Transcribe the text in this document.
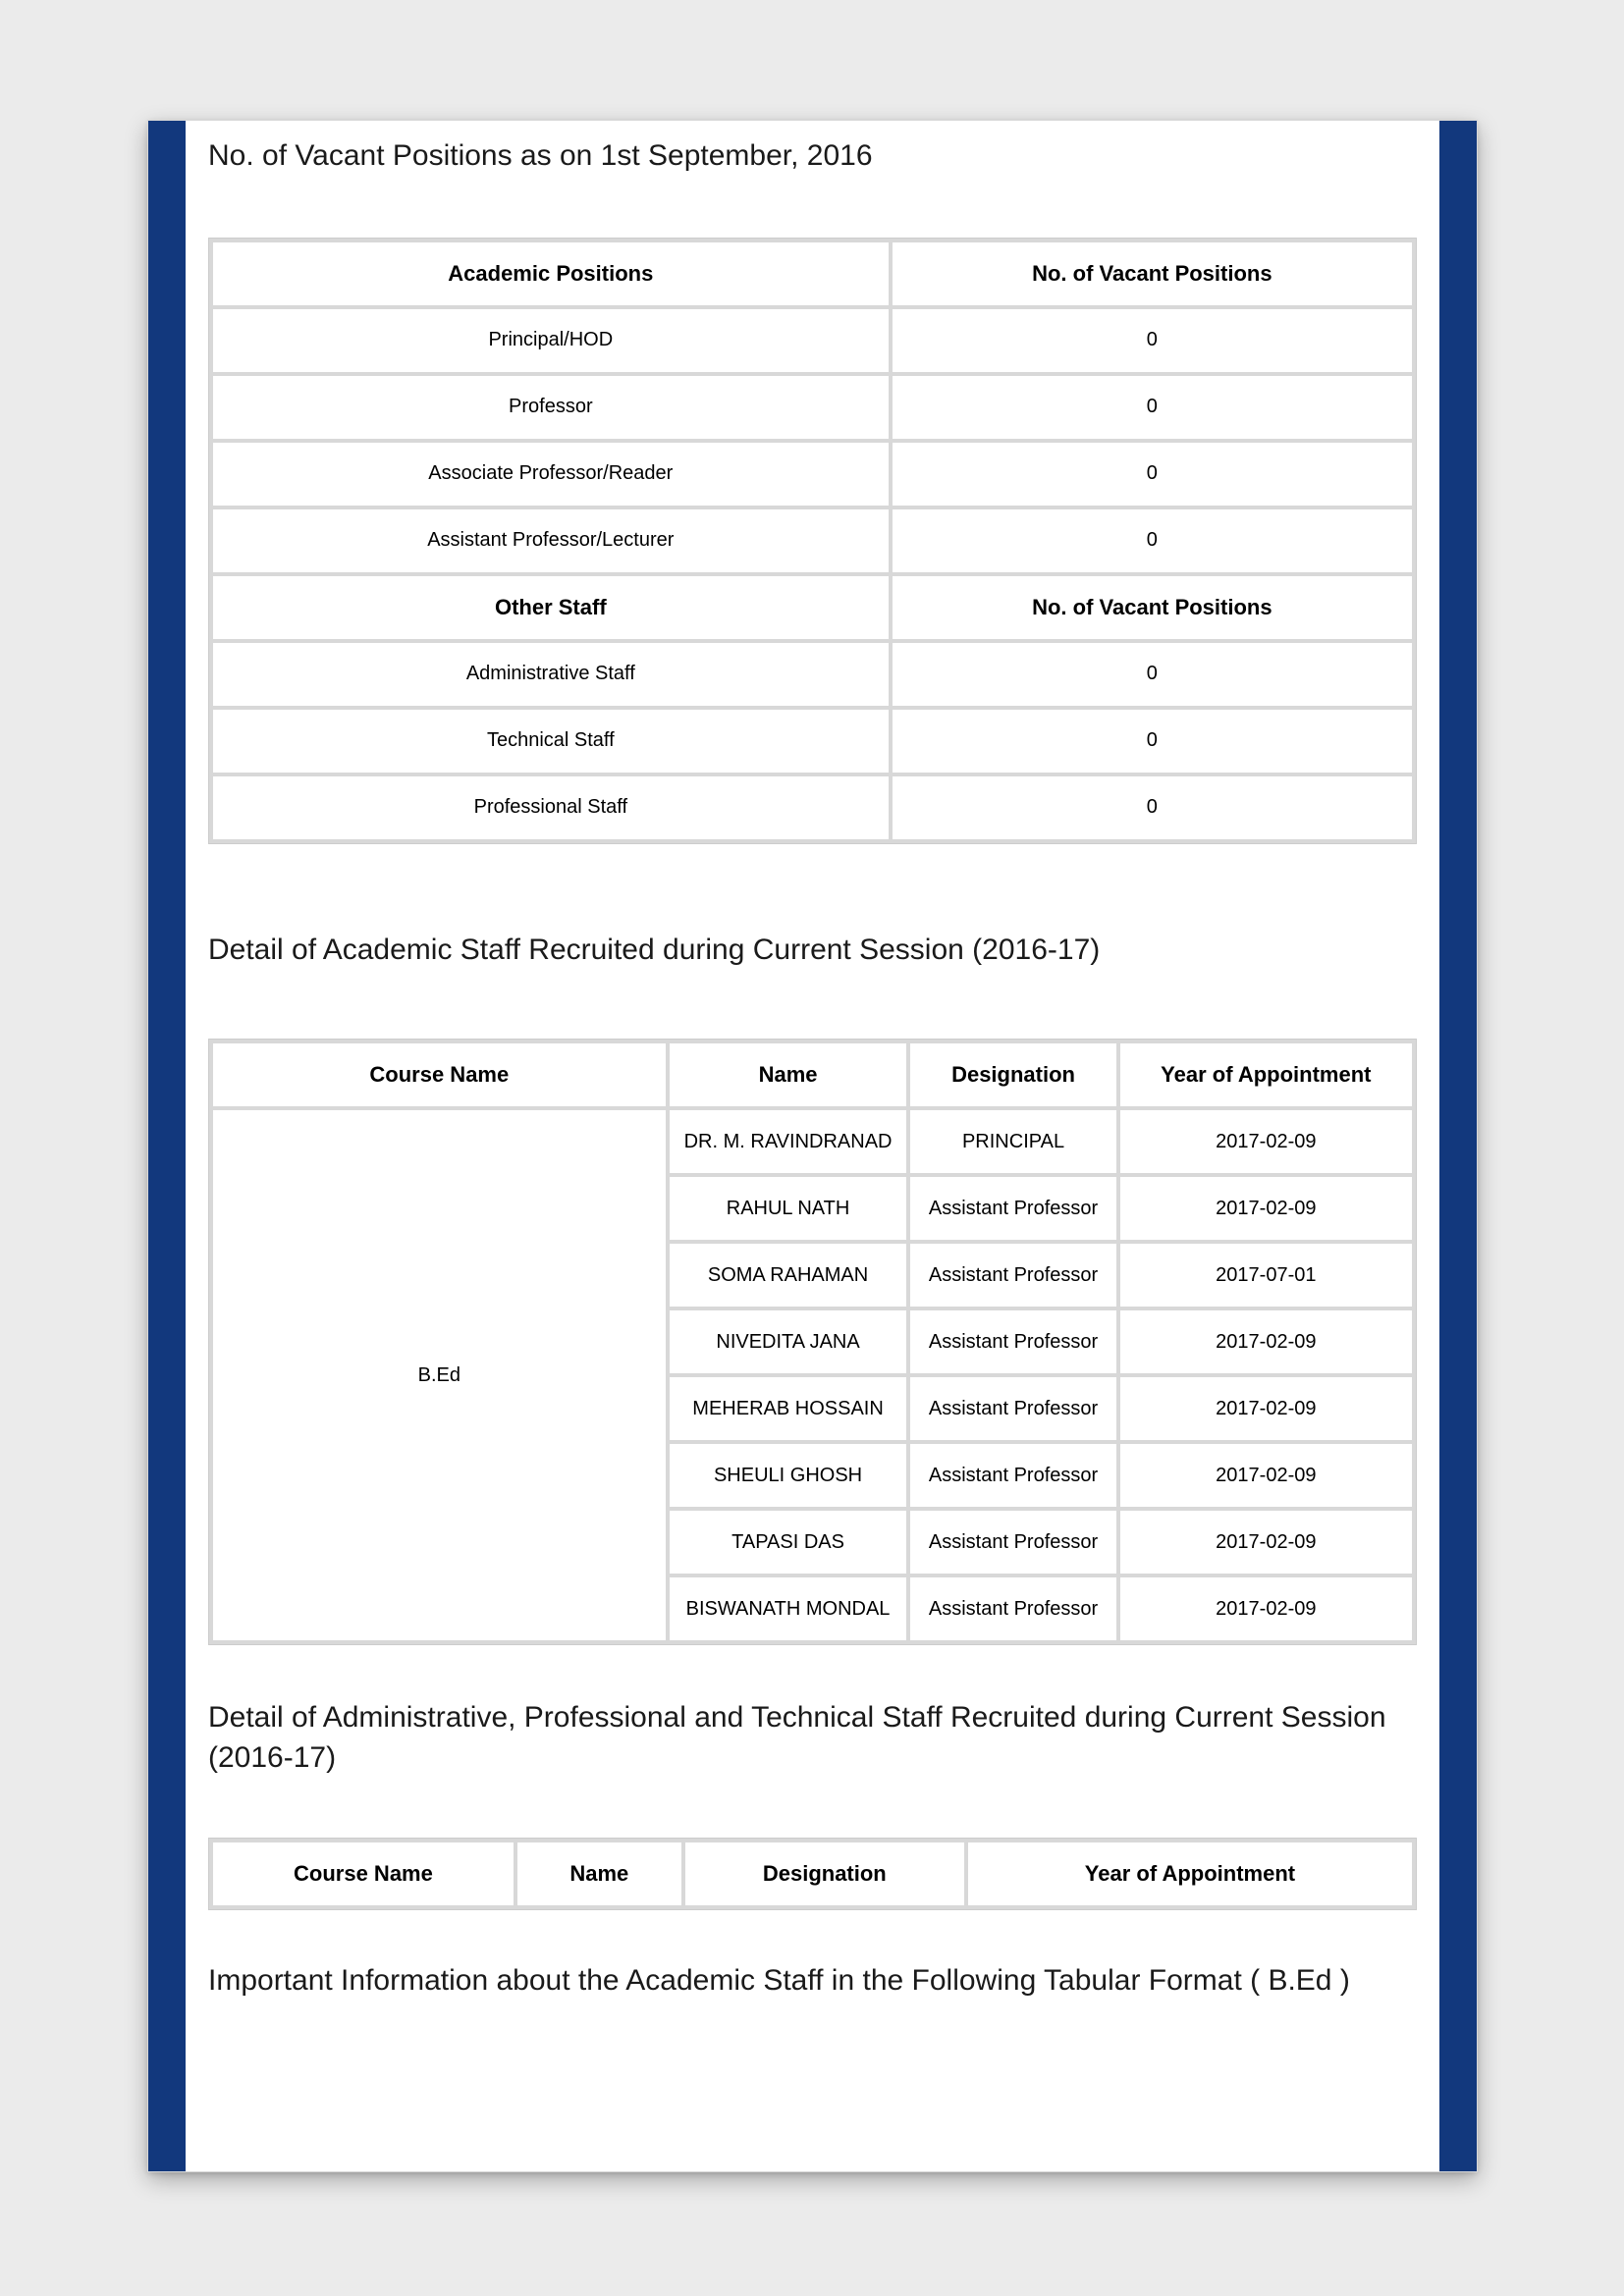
No. of Vacant Positions as on 1st September, 2016
Academic Positions	No. of Vacant Positions
Principal/HOD	0
Professor	0
Associate Professor/Reader	0
Assistant Professor/Lecturer	0
Other Staff	No. of Vacant Positions
Administrative Staff	0
Technical Staff	0
Professional Staff	0
Detail of Academic Staff Recruited during Current Session (2016-17)
Course Name	Name	Designation	Year of Appointment
B.Ed	DR. M. RAVINDRANAD	PRINCIPAL	2017-02-09
	RAHUL NATH	Assistant Professor	2017-02-09
	SOMA RAHAMAN	Assistant Professor	2017-07-01
	NIVEDITA JANA	Assistant Professor	2017-02-09
	MEHERAB HOSSAIN	Assistant Professor	2017-02-09
	SHEULI GHOSH	Assistant Professor	2017-02-09
	TAPASI DAS	Assistant Professor	2017-02-09
	BISWANATH MONDAL	Assistant Professor	2017-02-09
Detail of Administrative, Professional and Technical Staff Recruited during Current Session (2016-17)
Course Name	Name	Designation	Year of Appointment
Important Information about the Academic Staff in the Following Tabular Format ( B.Ed )
